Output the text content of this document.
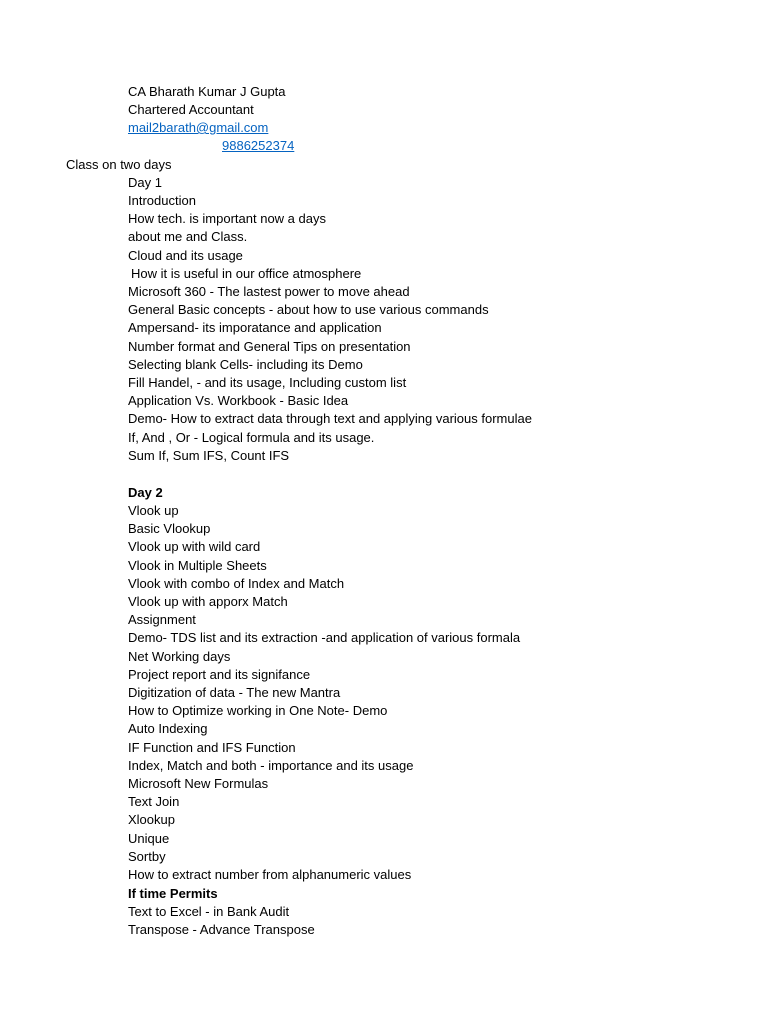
CA Bharath Kumar J Gupta
Chartered Accountant
mail2barath@gmail.com
9886252374
Class on two days
Day 1
Introduction
How tech. is important now a days
about me and Class.
Cloud and its usage
How it is useful in our office atmosphere
Microsoft 360 - The lastest power to move ahead
General Basic concepts - about how to use various commands
Ampersand- its imporatance and application
Number format and General Tips on presentation
Selecting blank Cells- including its Demo
Fill Handel, - and its usage, Including custom list
Application Vs. Workbook - Basic Idea
Demo- How to extract data through text and applying various formulae
If, And , Or - Logical formula and its usage.
Sum If, Sum IFS, Count IFS
Day 2
Vlook up
Basic Vlookup
Vlook up with wild card
Vlook in Multiple Sheets
Vlook with combo of Index and Match
Vlook up with apporx Match
Assignment
Demo- TDS list and its extraction -and application of various formala
Net Working days
Project report and its signifance
Digitization of data - The new Mantra
How to Optimize working in One Note- Demo
Auto Indexing
IF Function and IFS Function
Index, Match and both - importance and its usage
Microsoft New Formulas
Text Join
Xlookup
Unique
Sortby
How to extract number from alphanumeric values
If time Permits
Text to Excel - in Bank Audit
Transpose - Advance Transpose
